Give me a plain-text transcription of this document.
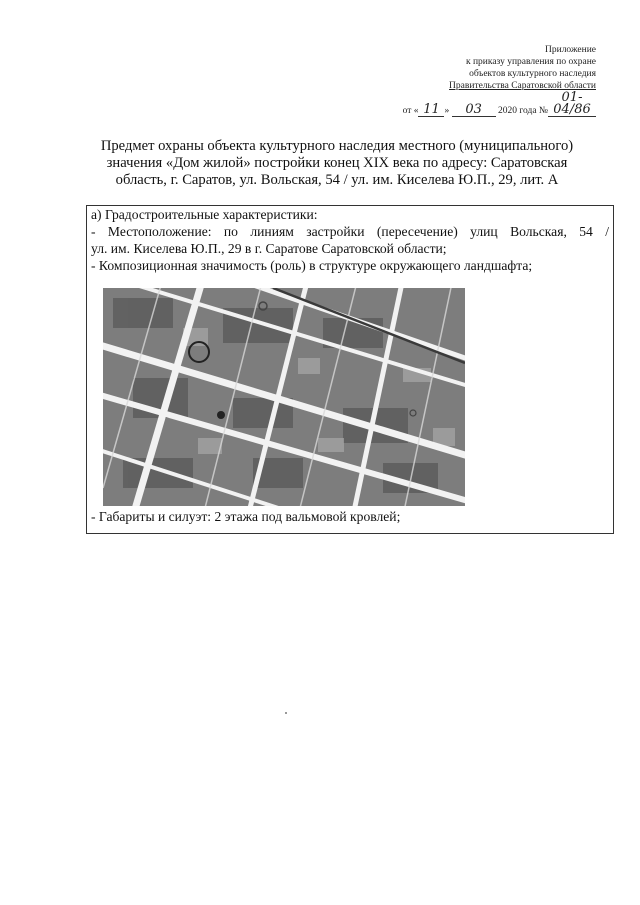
Приложение
к приказу управления по охране
объектов культурного наследия
Правительства Саратовской области
от « 11 » 03 2020 года №01-04/86
Предмет охраны объекта культурного наследия местного (муниципального)
значения «Дом жилой» постройки конец XIX века по адресу: Саратовская
область, г. Саратов, ул. Вольская, 54 / ул. им. Киселева Ю.П., 29, лит. А
а) Градостроительные характеристики:
- Местоположение: по линиям застройки (пересечение) улиц Вольская, 54 /
ул. им. Киселева Ю.П., 29 в г. Саратове Саратовской области;
- Композиционная значимость (роль) в структуре окружающего ландшафта;
- Габариты и силуэт: 2 этажа под вальмовой кровлей;
